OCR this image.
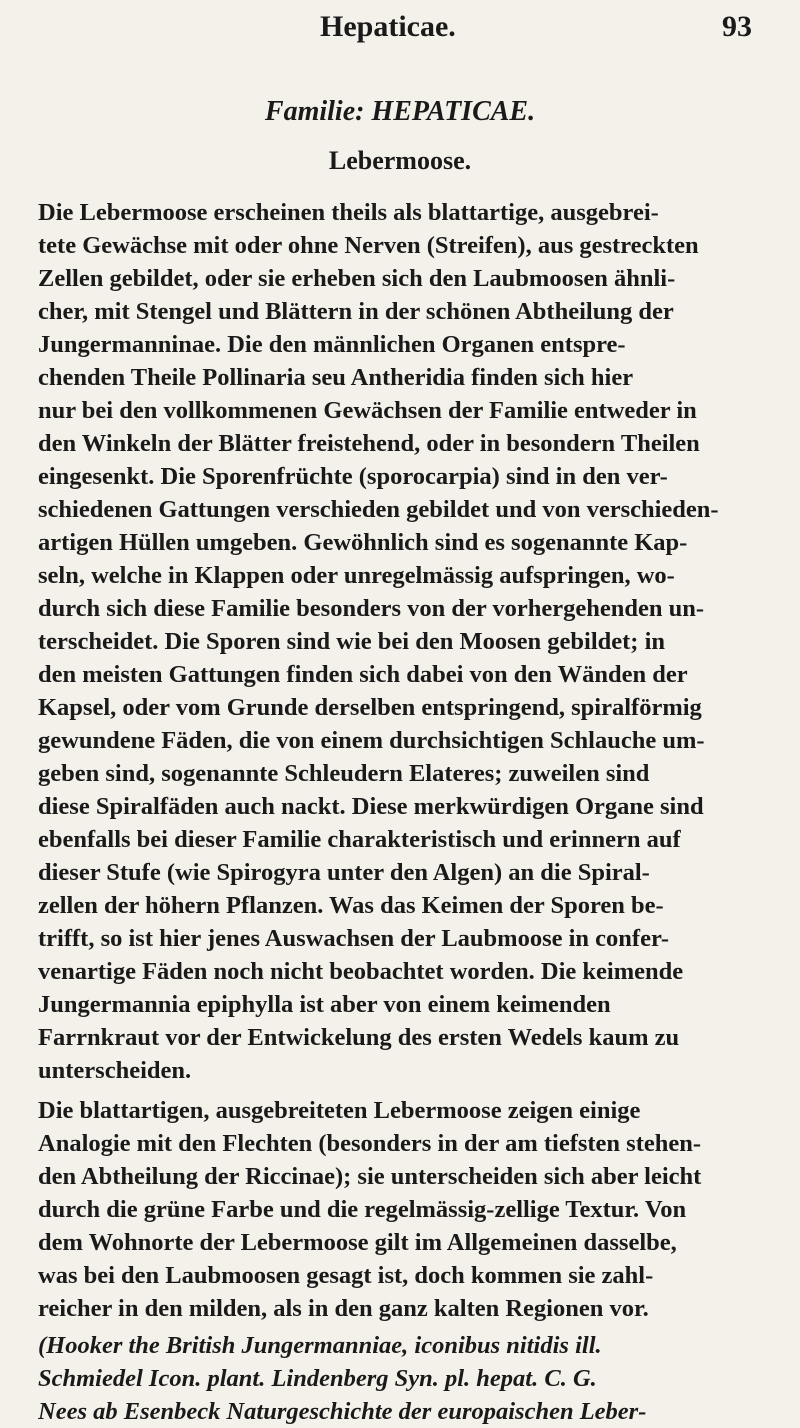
Hepaticae.	93
Familie: HEPATICAE.
Lebermoose.
Die Lebermoose erscheinen theils als blattartige, ausgebrei-
tete Gewächse mit oder ohne Nerven (Streifen), aus gestreckten
Zellen gebildet, oder sie erheben sich den Laubmoosen ähnli-
cher, mit Stengel und Blättern in der schönen Abtheilung der
Jungermanninae. Die den männlichen Organen entspre-
chenden Theile Pollinaria seu Antheridia finden sich hier
nur bei den vollkommenen Gewächsen der Familie entweder in
den Winkeln der Blätter freistehend, oder in besondern Theilen
eingesenkt. Die Sporenfrüchte (sporocarpia) sind in den ver-
schiedenen Gattungen verschieden gebildet und von verschieden-
artigen Hüllen umgeben. Gewöhnlich sind es sogenannte Kap-
seln, welche in Klappen oder unregelmässig aufspringen, wo-
durch sich diese Familie besonders von der vorhergehenden un-
terscheidet. Die Sporen sind wie bei den Moosen gebildet; in
den meisten Gattungen finden sich dabei von den Wänden der
Kapsel, oder vom Grunde derselben entspringend, spiralförmig
gewundene Fäden, die von einem durchsichtigen Schlauche um-
geben sind, sogenannte Schleudern Elateres; zuweilen sind
diese Spiralfäden auch nackt. Diese merkwürdigen Organe sind
ebenfalls bei dieser Familie charakteristisch und erinnern auf
dieser Stufe (wie Spirogyra unter den Algen) an die Spiral-
zellen der höhern Pflanzen. Was das Keimen der Sporen be-
trifft, so ist hier jenes Auswachsen der Laubmoose in confer-
venartige Fäden noch nicht beobachtet worden. Die keimende
Jungermannia epiphylla ist aber von einem keimenden
Farrnkraut vor der Entwickelung des ersten Wedels kaum zu
unterscheiden.
Die blattartigen, ausgebreiteten Lebermoose zeigen einige
Analogie mit den Flechten (besonders in der am tiefsten stehen-
den Abtheilung der Riccinae); sie unterscheiden sich aber leicht
durch die grüne Farbe und die regelmässig-zellige Textur. Von
dem Wohnorte der Lebermoose gilt im Allgemeinen dasselbe,
was bei den Laubmoosen gesagt ist, doch kommen sie zahl-
reicher in den milden, als in den ganz kalten Regionen vor.
(Hooker the British Jungermanniae, iconibus nitidis ill.
Schmiedel Icon. plant. Lindenberg Syn. pl. hepat. C. G.
Nees ab Esenbeck Naturgeschichte der europaischen Leber-
